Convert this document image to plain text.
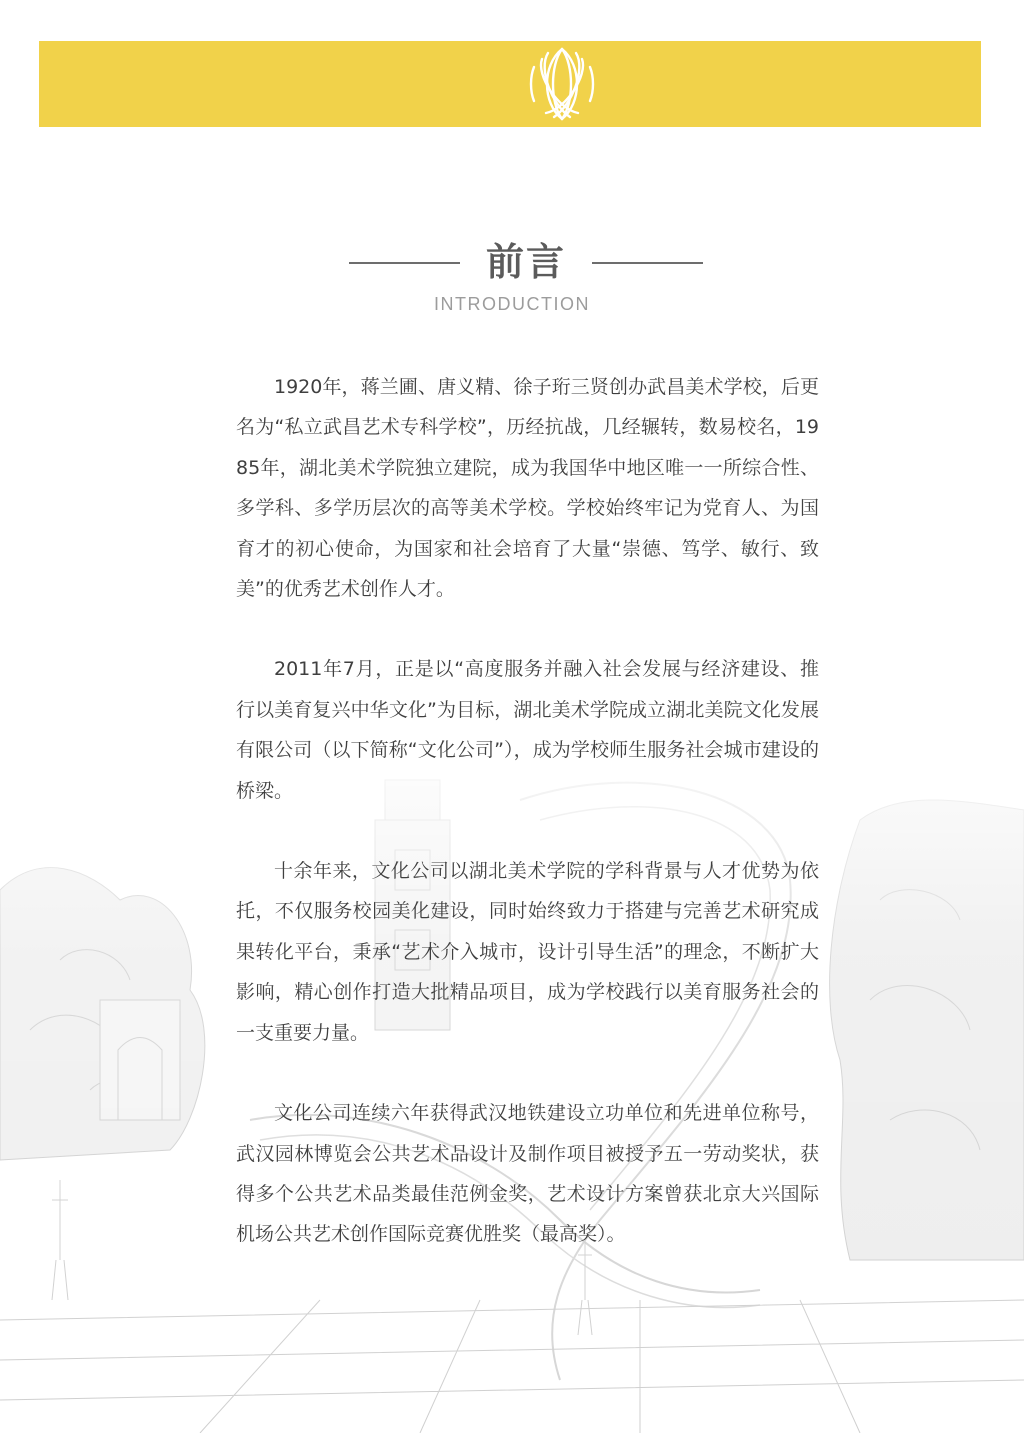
前言
INTRODUCTION

1920年，蒋兰圃、唐义精、徐子珩三贤创办武昌美术学校，后更名为“私立武昌艺术专科学校”，历经抗战，几经辗转，数易校名，1985年，湖北美术学院独立建院，成为我国华中地区唯一一所综合性、多学科、多学历层次的高等美术学校。学校始终牢记为党育人、为国育才的初心使命，为国家和社会培育了大量“崇德、笃学、敏行、致美”的优秀艺术创作人才。

2011年7月，正是以“高度服务并融入社会发展与经济建设、推行以美育复兴中华文化”为目标，湖北美术学院成立湖北美院文化发展有限公司（以下简称“文化公司”），成为学校师生服务社会城市建设的桥梁。

十余年来，文化公司以湖北美术学院的学科背景与人才优势为依托，不仅服务校园美化建设，同时始终致力于搭建与完善艺术研究成果转化平台，秉承“艺术介入城市，设计引导生活”的理念，不断扩大影响，精心创作打造大批精品项目，成为学校践行以美育服务社会的一支重要力量。

文化公司连续六年获得武汉地铁建设立功单位和先进单位称号，武汉园林博览会公共艺术品设计及制作项目被授予五一劳动奖状，获得多个公共艺术品类最佳范例金奖，艺术设计方案曾获北京大兴国际机场公共艺术创作国际竞赛优胜奖（最高奖）。
